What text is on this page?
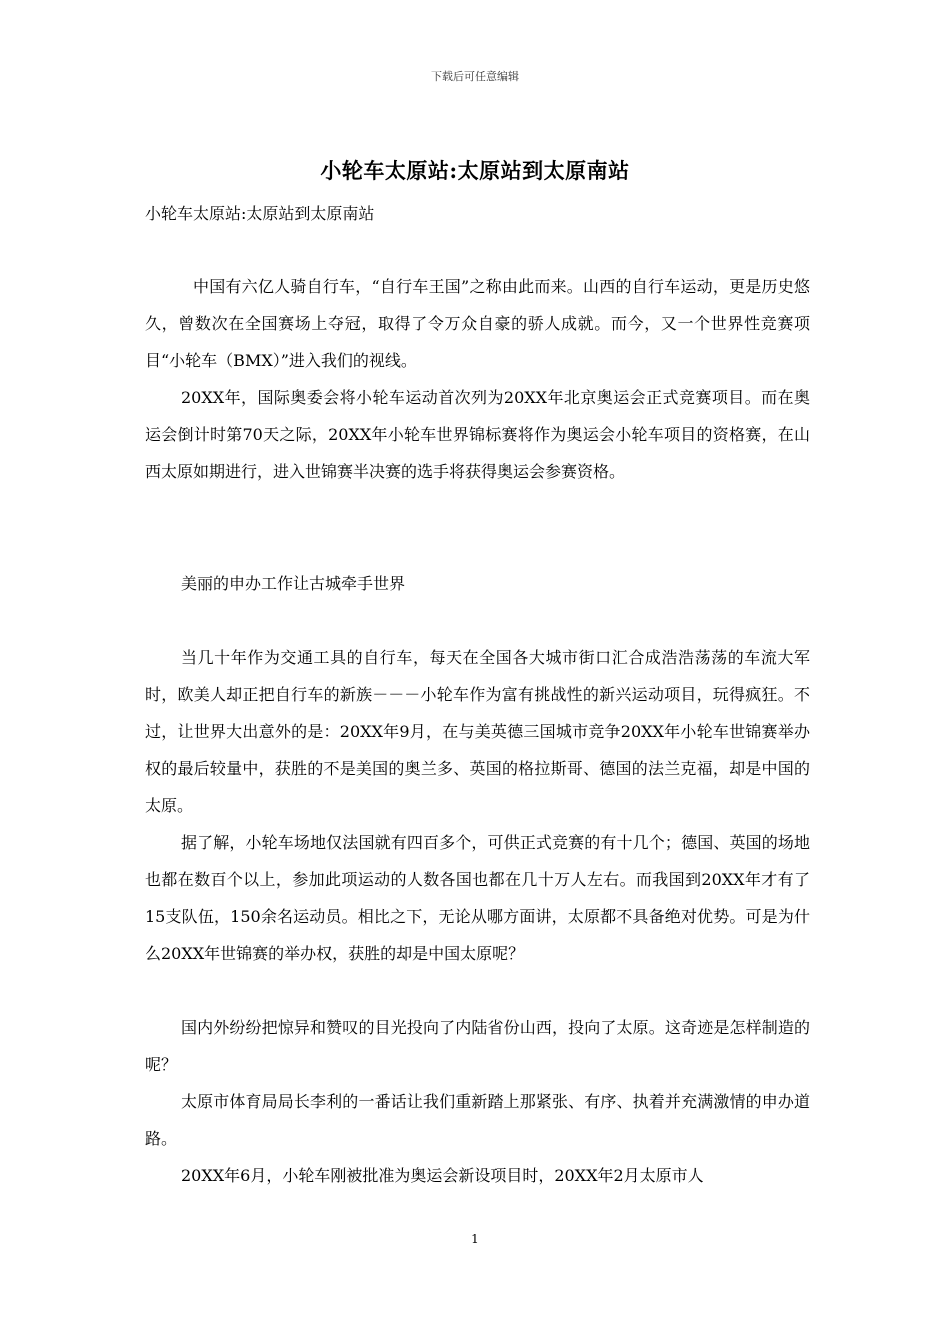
下载后可任意编辑
小轮车太原站:太原站到太原南站

小轮车太原站:太原站到太原南站

中国有六亿人骑自行车，“自行车王国”之称由此而来。山西的自行车运动，更是历史悠久，曾数次在全国赛场上夺冠，取得了令万众自豪的骄人成就。而今，又一个世界性竞赛项目“小轮车（BMX）”进入我们的视线。

20XX年，国际奥委会将小轮车运动首次列为20XX年北京奥运会正式竞赛项目。而在奥运会倒计时第70天之际，20XX年小轮车世界锦标赛将作为奥运会小轮车项目的资格赛，在山西太原如期进行，进入世锦赛半决赛的选手将获得奥运会参赛资格。

美丽的申办工作让古城牵手世界

当几十年作为交通工具的自行车，每天在全国各大城市街口汇合成浩浩荡荡的车流大军时，欧美人却正把自行车的新族－－－小轮车作为富有挑战性的新兴运动项目，玩得疯狂。不过，让世界大出意外的是：20XX年9月，在与美英德三国城市竞争20XX年小轮车世锦赛举办权的最后较量中，获胜的不是美国的奥兰多、英国的格拉斯哥、德国的法兰克福，却是中国的太原。

据了解，小轮车场地仅法国就有四百多个，可供正式竞赛的有十几个；德国、英国的场地也都在数百个以上，参加此项运动的人数各国也都在几十万人左右。而我国到20XX年才有了15支队伍，150余名运动员。相比之下，无论从哪方面讲，太原都不具备绝对优势。可是为什么20XX年世锦赛的举办权，获胜的却是中国太原呢？

国内外纷纷把惊异和赞叹的目光投向了内陆省份山西，投向了太原。这奇迹是怎样制造的呢？

太原市体育局局长李利的一番话让我们重新踏上那紧张、有序、执着并充满激情的申办道路。

20XX年6月，小轮车刚被批准为奥运会新设项目时，20XX年2月太原市人

1
